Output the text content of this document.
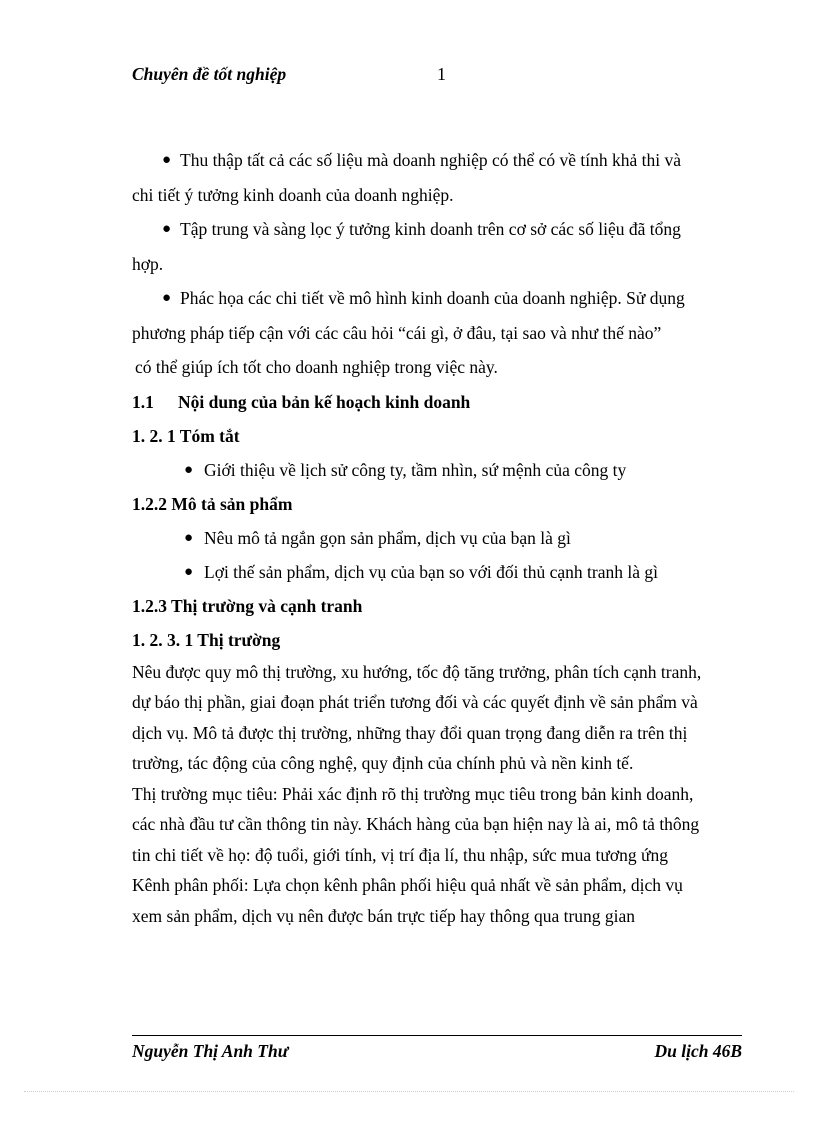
Chuyên đề tốt nghiệp	1
● Thu thập tất cả các số liệu mà doanh nghiệp có thể có về tính khả thi và
chi tiết ý tưởng kinh doanh của doanh nghiệp.
● Tập trung và sàng lọc ý tưởng kinh doanh trên cơ sở các số liệu đã tổng
hợp.
● Phác họa các chi tiết về mô hình kinh doanh của doanh nghiệp. Sử dụng
phương pháp tiếp cận với các câu hỏi “cái gì, ở đâu, tại sao và như thế nào”
có thể giúp ích tốt cho doanh nghiệp trong việc này.
1.1 Nội dung của bản kế hoạch kinh doanh
1. 2. 1 Tóm tắt
● Giới thiệu về lịch sử công ty, tầm nhìn, sứ mệnh của công ty
1.2.2 Mô tả sản phẩm
● Nêu mô tả ngắn gọn sản phẩm, dịch vụ của bạn là gì
● Lợi thế sản phẩm, dịch vụ của bạn so với đối thủ cạnh tranh là gì
1.2.3 Thị trường và cạnh tranh
1. 2. 3. 1 Thị trường
Nêu được quy mô thị trường, xu hướng, tốc độ tăng trưởng, phân tích cạnh tranh,
dự báo thị phần, giai đoạn phát triển tương đối và các quyết định về sản phẩm và
dịch vụ. Mô tả được thị trường, những thay đổi quan trọng đang diễn ra trên thị
trường, tác động của công nghệ, quy định của chính phủ và nền kinh tế.
Thị trường mục tiêu: Phải xác định rõ thị trường mục tiêu trong bản kinh doanh,
các nhà đầu tư cần thông tin này. Khách hàng của bạn hiện nay là ai, mô tả thông
tin chi tiết về họ: độ tuổi, giới tính, vị trí địa lí, thu nhập, sức mua tương ứng
Kênh phân phối: Lựa chọn kênh phân phối hiệu quả nhất về sản phẩm, dịch vụ
xem sản phẩm, dịch vụ nên được bán trực tiếp hay thông qua trung gian
Nguyễn Thị Anh Thư	Du lịch 46B
